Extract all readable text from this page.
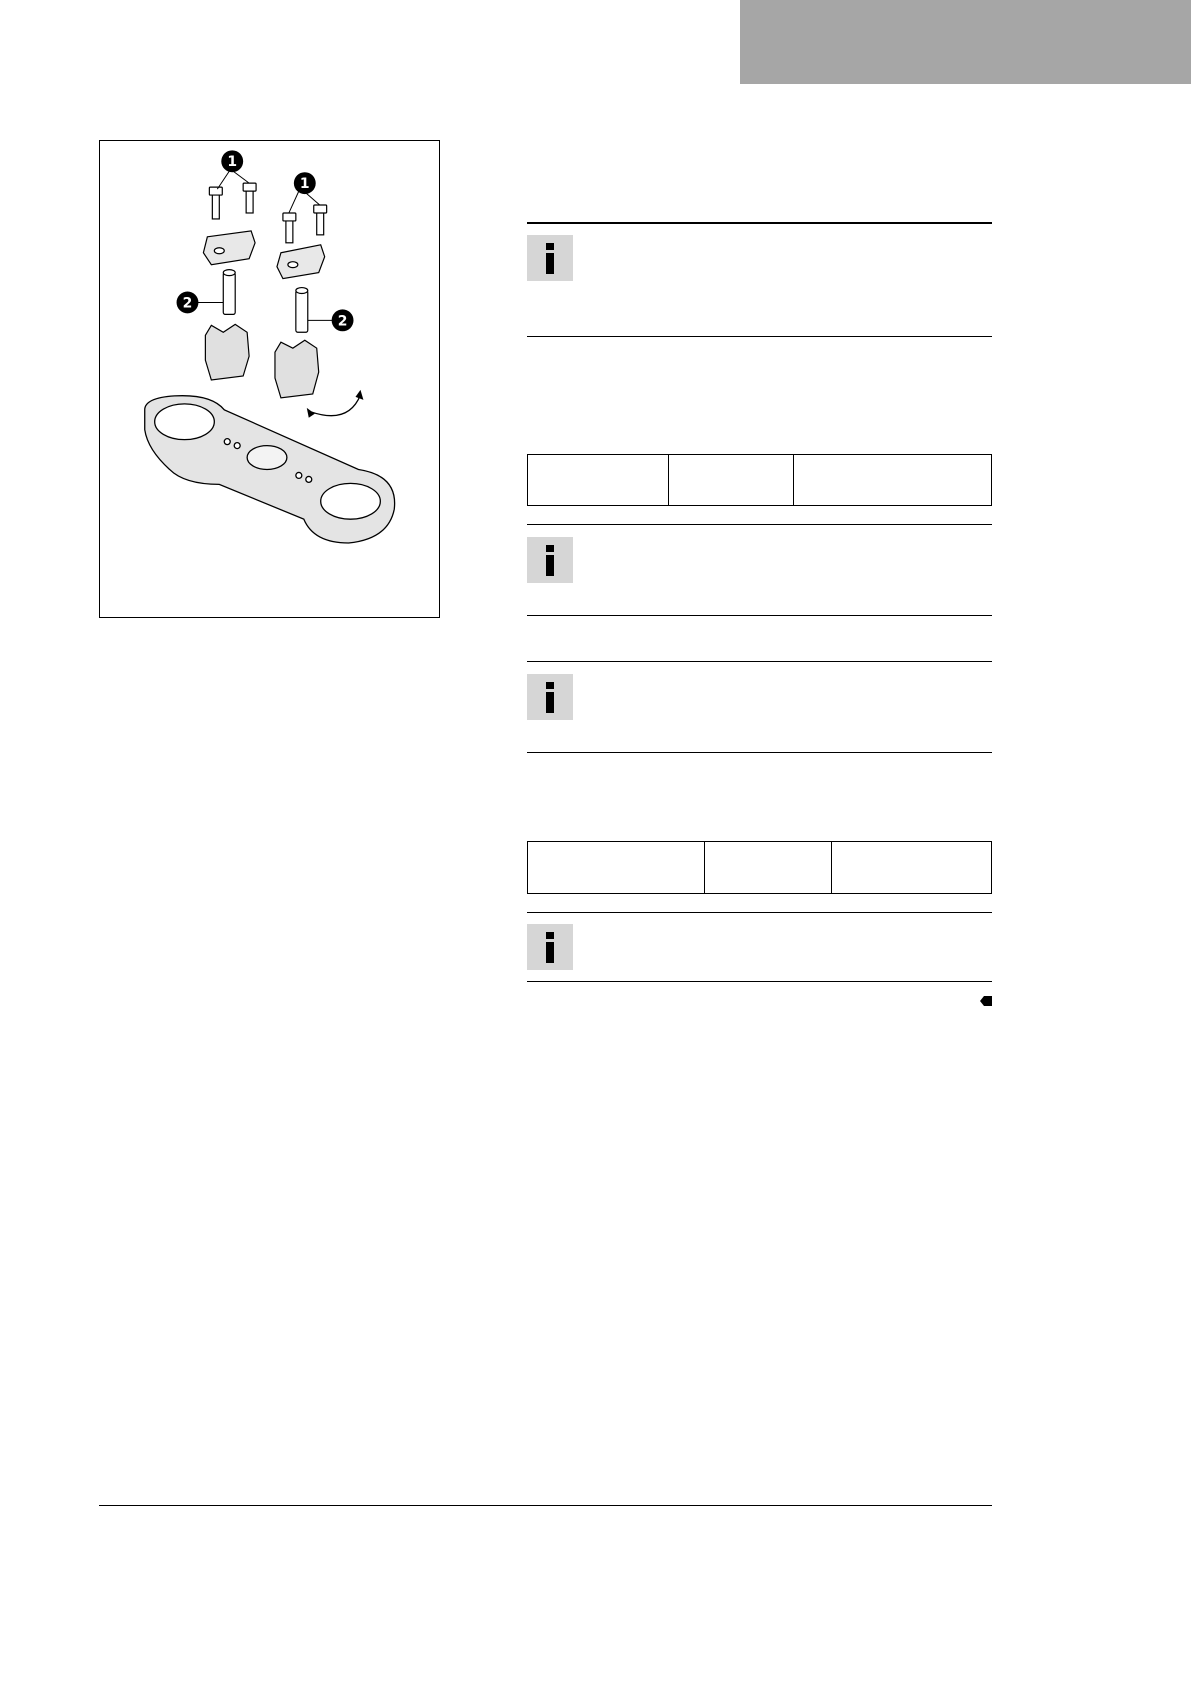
1
1
2
2
